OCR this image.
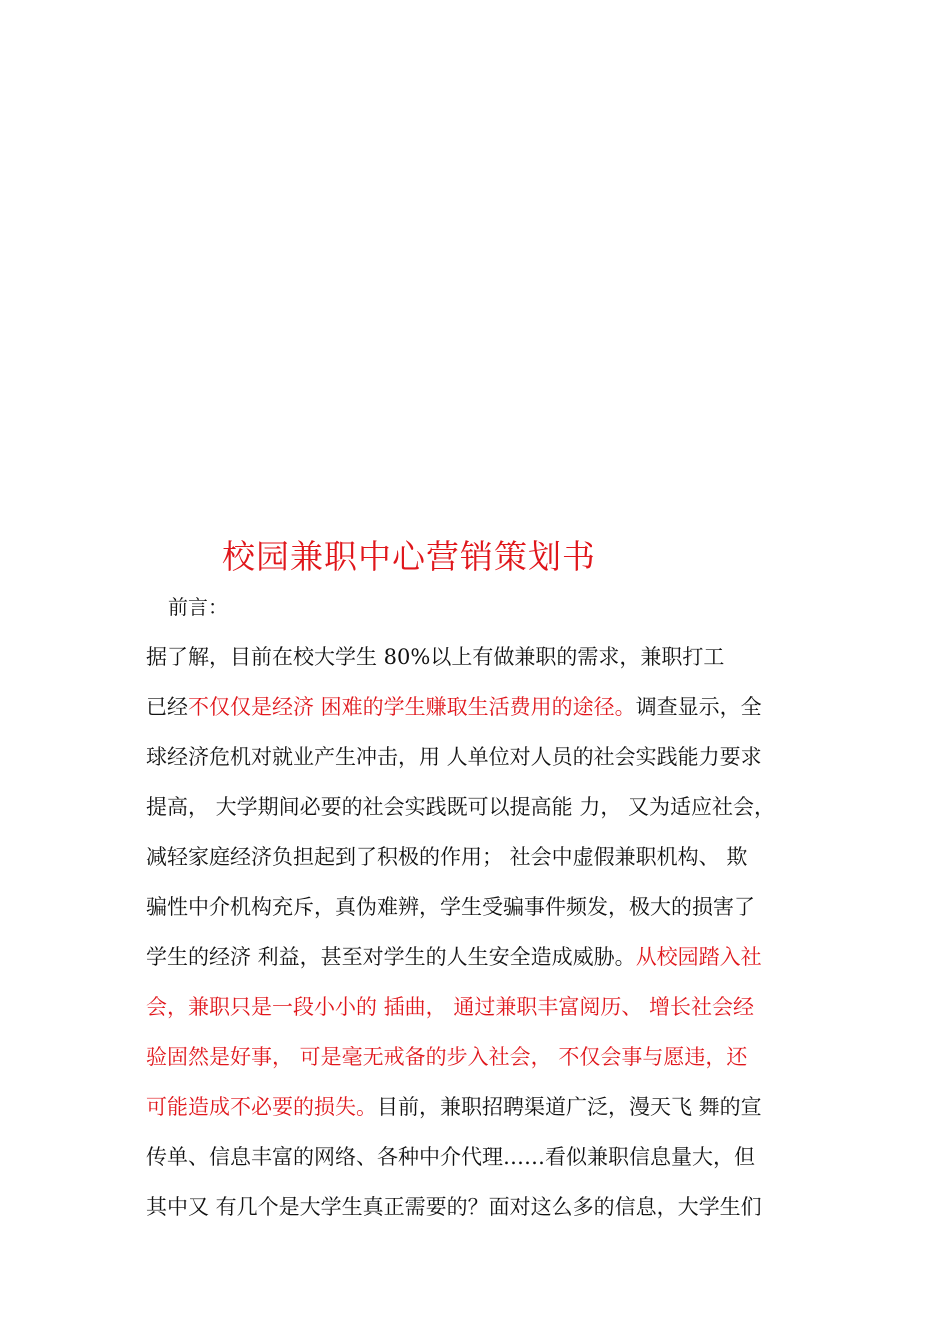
校园兼职中心营销策划书
前言：
据了解，目前在校大学生 80%以上有做兼职的需求，兼职打工
已经不仅仅是经济 困难的学生赚取生活费用的途径。调查显示，全
球经济危机对就业产生冲击，用 人单位对人员的社会实践能力要求
提高， 大学期间必要的社会实践既可以提高能 力， 又为适应社会，
减轻家庭经济负担起到了积极的作用； 社会中虚假兼职机构、 欺
骗性中介机构充斥，真伪难辨，学生受骗事件频发，极大的损害了
学生的经济 利益，甚至对学生的人生安全造成威胁。从校园踏入社
会，兼职只是一段小小的 插曲， 通过兼职丰富阅历、 增长社会经
验固然是好事， 可是毫无戒备的步入社会， 不仅会事与愿违，还
可能造成不必要的损失。目前，兼职招聘渠道广泛，漫天飞 舞的宣
传单、信息丰富的网络、各种中介代理……看似兼职信息量大，但
其中又 有几个是大学生真正需要的？面对这么多的信息，大学生们
